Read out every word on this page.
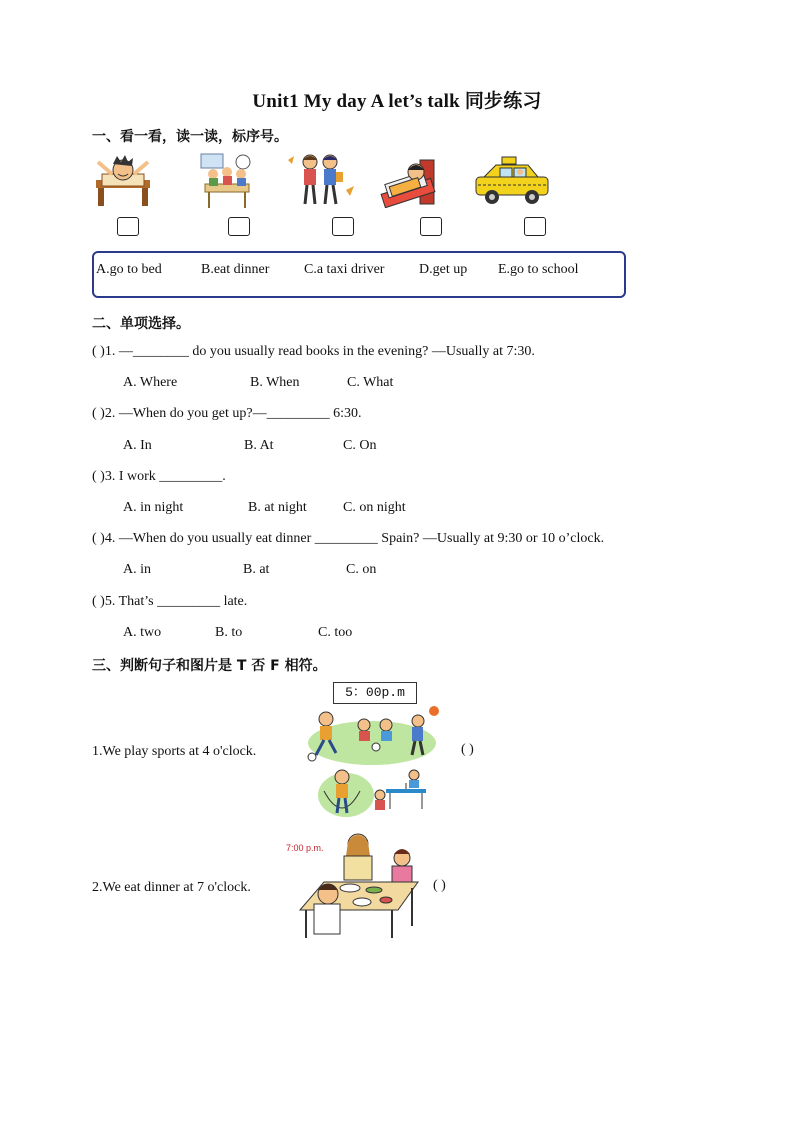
Unit1 My day A let’s talk 同步练习
一、看一看，读一读，标序号。
A.go to bed	B.eat dinner C.a taxi driver D.get up E.go to school
二、单项选择。
( )1. —________ do you usually read books in the evening? —Usually at 7:30.
A. Where	B. When	C. What
( )2. —When do you get up?—_________ 6:30.
A. In	B. At	C. On
( )3. I work _________.
A. in night	B. at night	C. on night
( )4. —When do you usually eat dinner _________ Spain? —Usually at 9:30 or 10 o’clock.
A. in	B. at	C. on
( )5. That’s _________ late.
A. two	B. to	C. too
三、判断句子和图片是 T 否 F 相符。
5：00p.m
1.We play sports at 4 o'clock.	( )
7:00 p.m.
2.We eat dinner at 7 o'clock.	( )
